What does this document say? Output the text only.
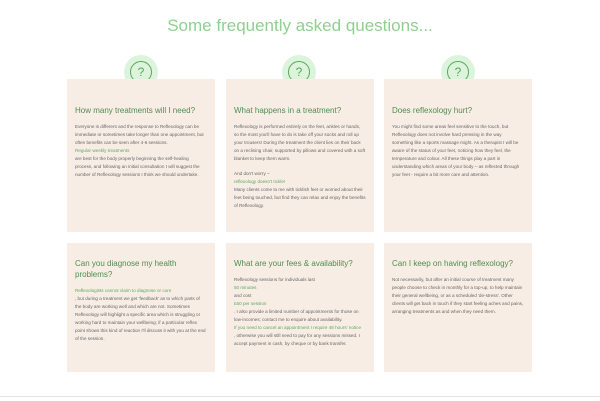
Some frequently asked questions...
?	?	?
How many treatments will I need?

Everyone is different and the response to Reflexology can be immediate or sometimes take longer than one appointment, but often benefits can be seen after 4-6 sessions.

Regular weekly treatments

are best for the body properly beginning the self-healing process, and following an initial consultation I will suggest the number of Reflexology sessions I think we should undertake.

What happens in a treatment?

Reflexology is performed entirely on the feet, ankles or hands, so the most you'll have to do is take off your socks and roll up your trousers! During the treatment the client lies on their back on a reclining chair, supported by pillows and covered with a soft blanket to keep them warm.

And don't worry –

reflexology doesn't tickle!

Many clients come to me with ticklish feet or worried about their feet being touched, but find they can relax and enjoy the benefits of Reflexology.

Does reflexology hurt?

You might find some areas feel sensitive to the touch, but Reflexology does not involve hard pressing in the way something like a sports massage might. As a therapist I will be aware of the status of your feet, noticing how they feel, the temperature and colour. All these things play a part in understanding which areas of your body – as reflected through your feet - require a bit more care and attention.

Can you diagnose my health problems?

Reflexologists cannot claim to diagnose or cure

, but during a treatment we get 'feedback' as to which parts of the body are working well and which are not. Sometimes Reflexology will highlight a specific area which is struggling or working hard to maintain your wellbeing; if a particular reflex point shows this kind of reaction I'll discuss it with you at the end of the session.

What are your fees & availability?

Reflexology sessions for individuals last

50 minutes

and cost

£60 per session

. I also provide a limited number of appointments for those on low-incomes; contact me to enquire about availability.

If you need to cancel an appointment I require 48 hours' notice

, otherwise you will still need to pay for any sessions missed. I accept payment in cash, by cheque or by bank transfer.

Can I keep on having reflexology?

Not necessarily, but after an initial course of treatment many people choose to check in monthly for a top-up, to help maintain their general wellbeing, or as a scheduled 'de-stress'. Other clients will get back in touch if they start feeling aches and pains, arranging treatments as and when they need them.
